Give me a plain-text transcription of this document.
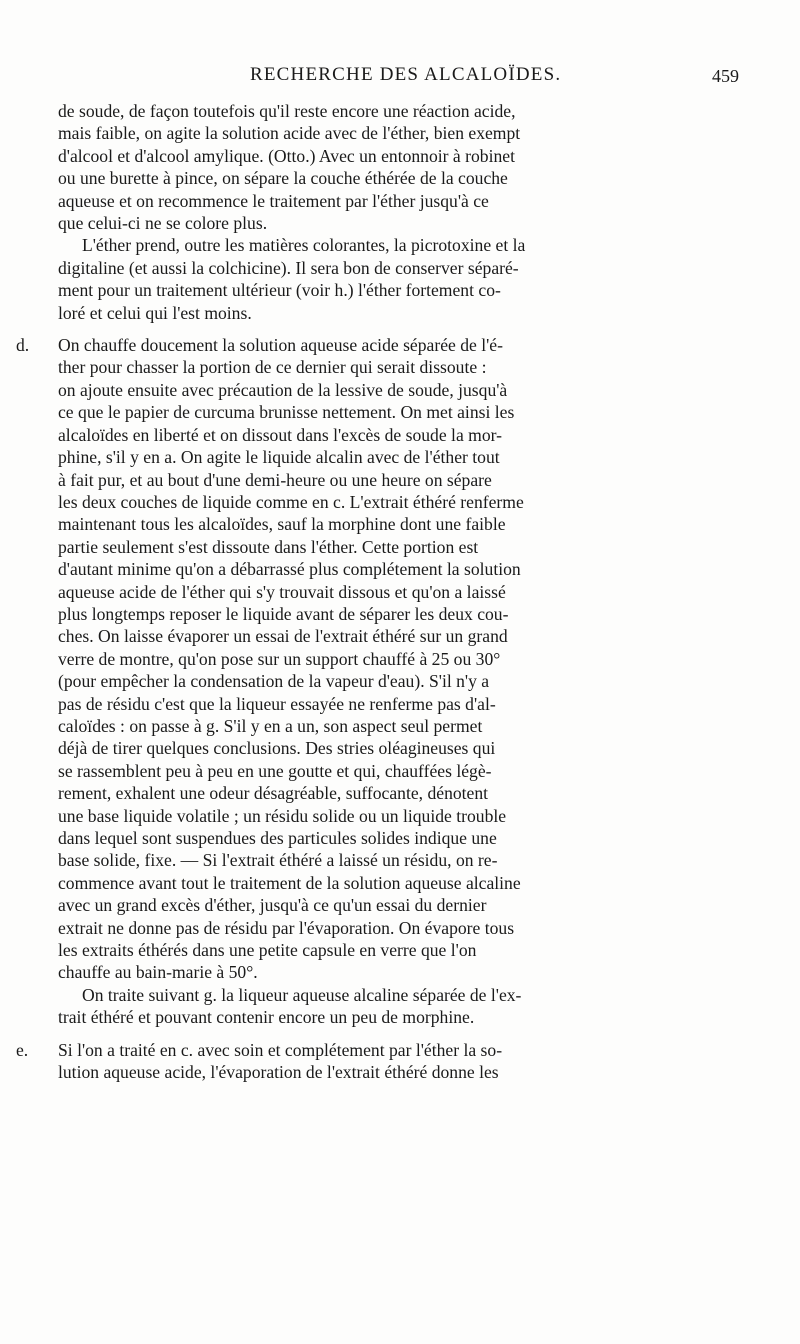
RECHERCHE DES ALCALOÏDES.	459

de soude, de façon toutefois qu'il reste encore une réaction acide,

mais faible, on agite la solution acide avec de l'éther, bien exempt

d'alcool et d'alcool amylique. (Otto.) Avec un entonnoir à robinet

ou une burette à pince, on sépare la couche éthérée de la couche

aqueuse et on recommence le traitement par l'éther jusqu'à ce

que celui-ci ne se colore plus.

L'éther prend, outre les matières colorantes, la picrotoxine et la

digitaline (et aussi la colchicine). Il sera bon de conserver séparé-

ment pour un traitement ultérieur (voir h.) l'éther fortement co-

loré et celui qui l'est moins.

d. On chauffe doucement la solution aqueuse acide séparée de l'é-

ther pour chasser la portion de ce dernier qui serait dissoute :

on ajoute ensuite avec précaution de la lessive de soude, jusqu'à

ce que le papier de curcuma brunisse nettement. On met ainsi les

alcaloïdes en liberté et on dissout dans l'excès de soude la mor-

phine, s'il y en a. On agite le liquide alcalin avec de l'éther tout

à fait pur, et au bout d'une demi-heure ou une heure on sépare

les deux couches de liquide comme en c. L'extrait éthéré renferme

maintenant tous les alcaloïdes, sauf la morphine dont une faible

partie seulement s'est dissoute dans l'éther. Cette portion est

d'autant minime qu'on a débarrassé plus complétement la solution

aqueuse acide de l'éther qui s'y trouvait dissous et qu'on a laissé

plus longtemps reposer le liquide avant de séparer les deux cou-

ches. On laisse évaporer un essai de l'extrait éthéré sur un grand

verre de montre, qu'on pose sur un support chauffé à 25 ou 30°

(pour empêcher la condensation de la vapeur d'eau). S'il n'y a

pas de résidu c'est que la liqueur essayée ne renferme pas d'al-

caloïdes : on passe à g. S'il y en a un, son aspect seul permet

déjà de tirer quelques conclusions. Des stries oléagineuses qui

se rassemblent peu à peu en une goutte et qui, chauffées légè-

rement, exhalent une odeur désagréable, suffocante, dénotent

une base liquide volatile ; un résidu solide ou un liquide trouble

dans lequel sont suspendues des particules solides indique une

base solide, fixe. — Si l'extrait éthéré a laissé un résidu, on re-

commence avant tout le traitement de la solution aqueuse alcaline

avec un grand excès d'éther, jusqu'à ce qu'un essai du dernier

extrait ne donne pas de résidu par l'évaporation. On évapore tous

les extraits éthérés dans une petite capsule en verre que l'on

chauffe au bain-marie à 50°.

On traite suivant g. la liqueur aqueuse alcaline séparée de l'ex-

trait éthéré et pouvant contenir encore un peu de morphine.

e. Si l'on a traité en c. avec soin et complétement par l'éther la so-

lution aqueuse acide, l'évaporation de l'extrait éthéré donne les
